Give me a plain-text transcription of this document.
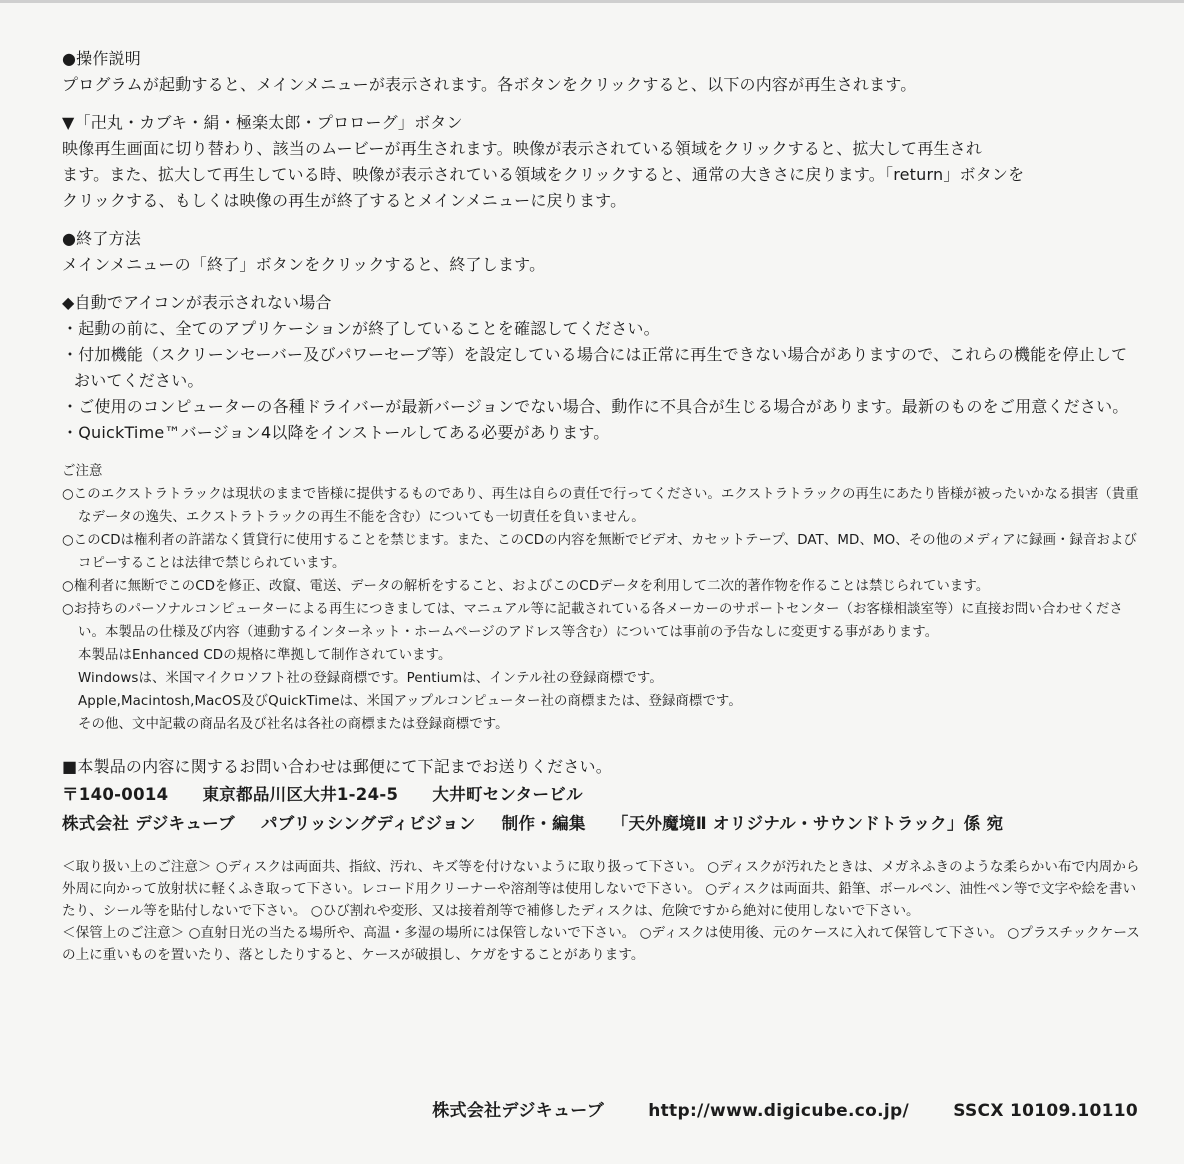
●操作説明
プログラムが起動すると、メインメニューが表示されます。各ボタンをクリックすると、以下の内容が再生されます。
▼「卍丸・カブキ・絹・極楽太郎・プロローグ」ボタン
映像再生画面に切り替わり、該当のムービーが再生されます。映像が表示されている領域をクリックすると、拡大して再生され
ます。また、拡大して再生している時、映像が表示されている領域をクリックすると、通常の大きさに戻ります。「return」ボタンを
クリックする、もしくは映像の再生が終了するとメインメニューに戻ります。
●終了方法
メインメニューの「終了」ボタンをクリックすると、終了します。
◆自動でアイコンが表示されない場合
・起動の前に、全てのアプリケーションが終了していることを確認してください。
・付加機能（スクリーンセーバー及びパワーセーブ等）を設定している場合には正常に再生できない場合がありますので、これらの機能を停止しておいてください。
・ご使用のコンピューターの各種ドライバーが最新バージョンでない場合、動作に不具合が生じる場合があります。最新のものをご用意ください。
・QuickTime™バージョン4以降をインストールしてある必要があります。
ご注意
○このエクストラトラックは現状のままで皆様に提供するものであり、再生は自らの責任で行ってください。エクストラトラックの再生にあたり皆様が被ったいかなる損害（貴重なデータの逸失、エクストラトラックの再生不能を含む）についても一切責任を負いません。
○このCDは権利者の許諾なく賃貸行に使用することを禁じます。また、このCDの内容を無断でビデオ、カセットテープ、DAT、MD、MO、その他のメディアに録画・録音およびコピーすることは法律で禁じられています。
○権利者に無断でこのCDを修正、改竄、電送、データの解析をすること、およびこのCDデータを利用して二次的著作物を作ることは禁じられています。
○お持ちのパーソナルコンピューターによる再生につきましては、マニュアル等に記載されている各メーカーのサポートセンター（お客様相談室等）に直接お問い合わせください。本製品の仕様及び内容（連動するインターネット・ホームページのアドレス等含む）については事前の予告なしに変更する事があります。
本製品はEnhanced CDの規格に準拠して制作されています。
Windowsは、米国マイクロソフト社の登録商標です。Pentiumは、インテル社の登録商標です。
Apple,Macintosh,MacOS及びQuickTimeは、米国アップルコンピューター社の商標または、登録商標です。
その他、文中記載の商品名及び社名は各社の商標または登録商標です。
■本製品の内容に関するお問い合わせは郵便にて下記までお送りください。
〒140-0014 東京都品川区大井1-24-5 大井町センタービル
株式会社 デジキューブ パブリッシングディビジョン 制作・編集 「天外魔境Ⅱ オリジナル・サウンドトラック」係 宛
＜取り扱い上のご注意＞ ○ディスクは両面共、指紋、汚れ、キズ等を付けないように取り扱って下さい。 ○ディスクが汚れたときは、メガネふきのような柔らかい布で内周から外周に向かって放射状に軽くふき取って下さい。レコード用クリーナーや溶剤等は使用しないで下さい。 ○ディスクは両面共、鉛筆、ボールペン、油性ペン等で文字や絵を書いたり、シール等を貼付しないで下さい。 ○ひび割れや変形、又は接着剤等で補修したディスクは、危険ですから絶対に使用しないで下さい。
＜保管上のご注意＞ ○直射日光の当たる場所や、高温・多湿の場所には保管しないで下さい。 ○ディスクは使用後、元のケースに入れて保管して下さい。 ○プラスチックケースの上に重いものを置いたり、落としたりすると、ケースが破損し、ケガをすることがあります。
株式会社デジキューブ	http://www.digicube.co.jp/	SSCX 10109.10110
